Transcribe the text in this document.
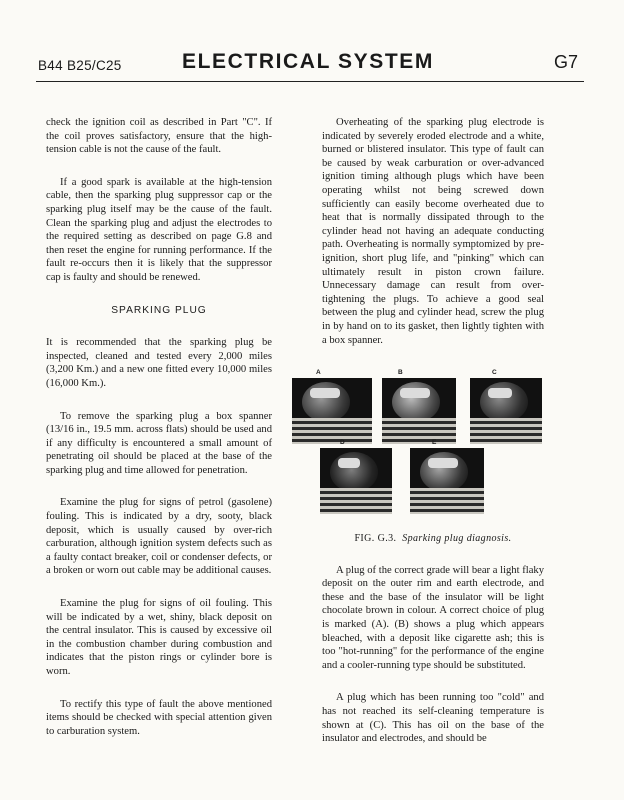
B44 B25/C25	ELECTRICAL SYSTEM	G7

check the ignition coil as described in Part "C". If the coil proves satisfactory, ensure that the high-tension cable is not the cause of the fault.

If a good spark is available at the high-tension cable, then the sparking plug suppressor cap or the sparking plug itself may be the cause of the fault. Clean the sparking plug and adjust the electrodes to the required setting as described on page G.8 and then reset the engine for running performance. If the fault re-occurs then it is likely that the suppressor cap is faulty and should be renewed.

SPARKING PLUG

It is recommended that the sparking plug be inspected, cleaned and tested every 2,000 miles (3,200 Km.) and a new one fitted every 10,000 miles (16,000 Km.).

To remove the sparking plug a box spanner (13/16 in., 19.5 mm. across flats) should be used and if any difficulty is encountered a small amount of penetrating oil should be placed at the base of the sparking plug and time allowed for penetration.

Examine the plug for signs of petrol (gasolene) fouling. This is indicated by a dry, sooty, black deposit, which is usually caused by over-rich carburation, although ignition system defects such as a faulty contact breaker, coil or condenser defects, or a broken or worn out cable may be additional causes.

Examine the plug for signs of oil fouling. This will be indicated by a wet, shiny, black deposit on the central insulator. This is caused by excessive oil in the combustion chamber during combustion and indicates that the piston rings or cylinder bore is worn.

To rectify this type of fault the above mentioned items should be checked with special attention given to carburation system.

Overheating of the sparking plug electrode is indicated by severely eroded electrode and a white, burned or blistered insulator. This type of fault can be caused by weak carburation or over-advanced ignition timing although plugs which have been operating whilst not being screwed down sufficiently can easily become overheated due to heat that is normally dissipated through to the cylinder head not having an adequate conducting path. Overheating is normally symptomized by pre-ignition, short plug life, and "pinking" which can ultimately result in piston crown failure. Unnecessary damage can result from over-tightening the plugs. To achieve a good seal between the plug and cylinder head, screw the plug in by hand on to its gasket, then lightly tighten with a box spanner.

A	B	C
D	E
FIG. G.3. Sparking plug diagnosis.

A plug of the correct grade will bear a light flaky deposit on the outer rim and earth electrode, and these and the base of the insulator will be light chocolate brown in colour. A correct choice of plug is marked (A). (B) shows a plug which appears bleached, with a deposit like cigarette ash; this is too "hot-running" for the performance of the engine and a cooler-running type should be substituted.

A plug which has been running too "cold" and has not reached its self-cleaning temperature is shown at (C). This has oil on the base of the insulator and electrodes, and should be
